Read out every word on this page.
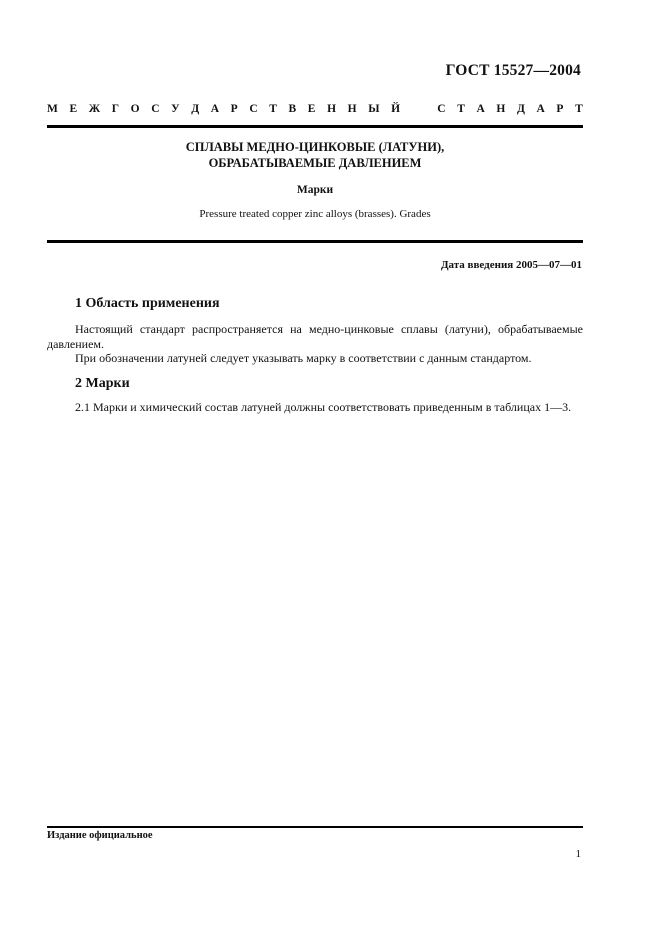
ГОСТ 15527—2004
М Е Ж Г О С У Д А Р С Т В Е Н Н Ы Й	С Т А Н Д А Р Т
СПЛАВЫ МЕДНО-ЦИНКОВЫЕ (ЛАТУНИ),
ОБРАБАТЫВАЕМЫЕ ДАВЛЕНИЕМ
Марки
Pressure treated copper zinc alloys (brasses). Grades
Дата введения 2005—07—01
1 Область применения

Настоящий стандарт распространяется на медно-цинковые сплавы (латуни), обрабатываемые давлением.

При обозначении латуней следует указывать марку в соответствии с данным стандартом.

2 Марки

2.1 Марки и химический состав латуней должны соответствовать приведенным в таблицах 1—3.

Издание официальное
1
